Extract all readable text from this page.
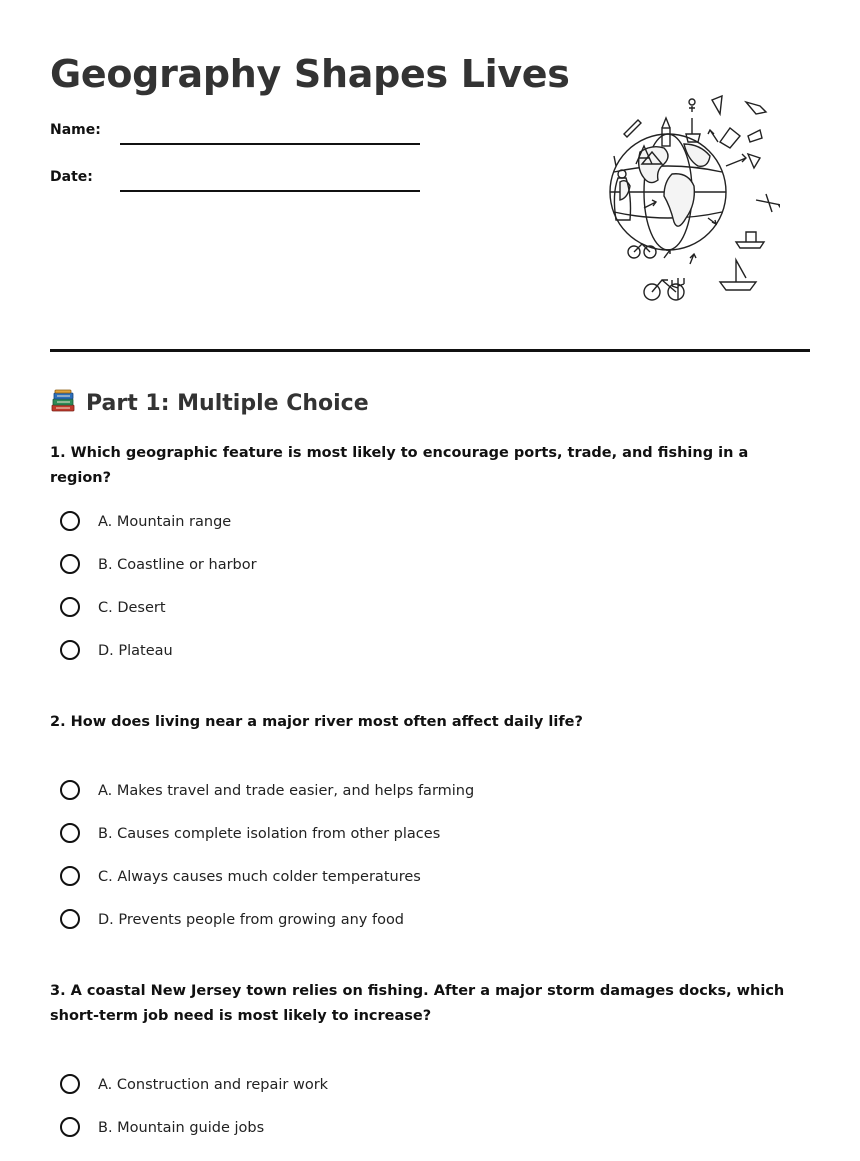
Geography Shapes Lives
Name:
Date:
Part 1: Multiple Choice

1. Which geographic feature is most likely to encourage ports, trade, and fishing in a region?

A. Mountain range
B. Coastline or harbor
C. Desert
D. Plateau

2. How does living near a major river most often affect daily life?

A. Makes travel and trade easier, and helps farming
B. Causes complete isolation from other places
C. Always causes much colder temperatures
D. Prevents people from growing any food

3. A coastal New Jersey town relies on fishing. After a major storm damages docks, which short-term job need is most likely to increase?

A. Construction and repair work
B. Mountain guide jobs
